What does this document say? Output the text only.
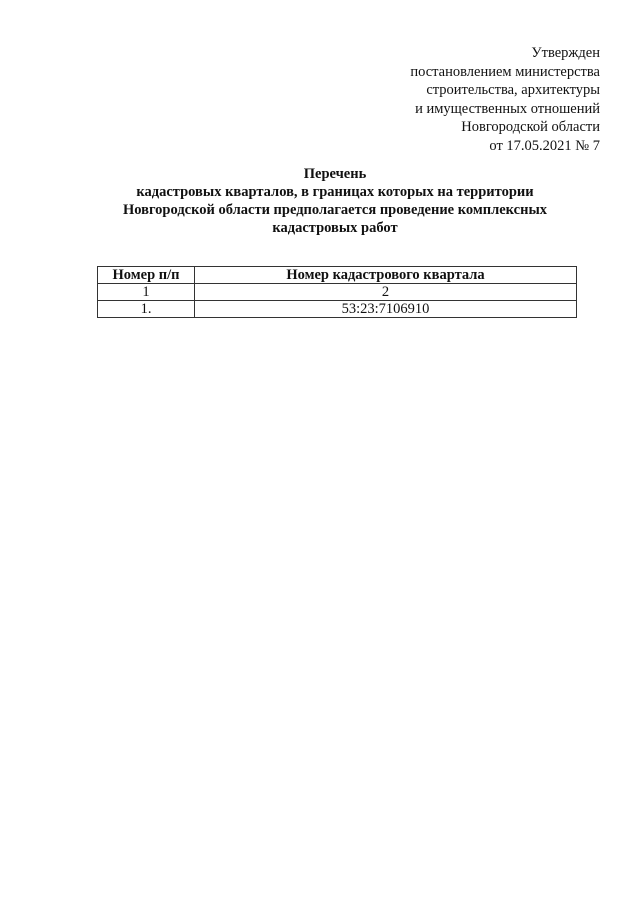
Утвержден
постановлением министерства
строительства, архитектуры
и имущественных отношений
Новгородской области
от 17.05.2021 № 7
Перечень
кадастровых кварталов, в границах которых на территории
Новгородской области предполагается проведение комплексных
кадастровых работ
Номер п/п	Номер кадастрового квартала
1	2
1.	53:23:7106910
